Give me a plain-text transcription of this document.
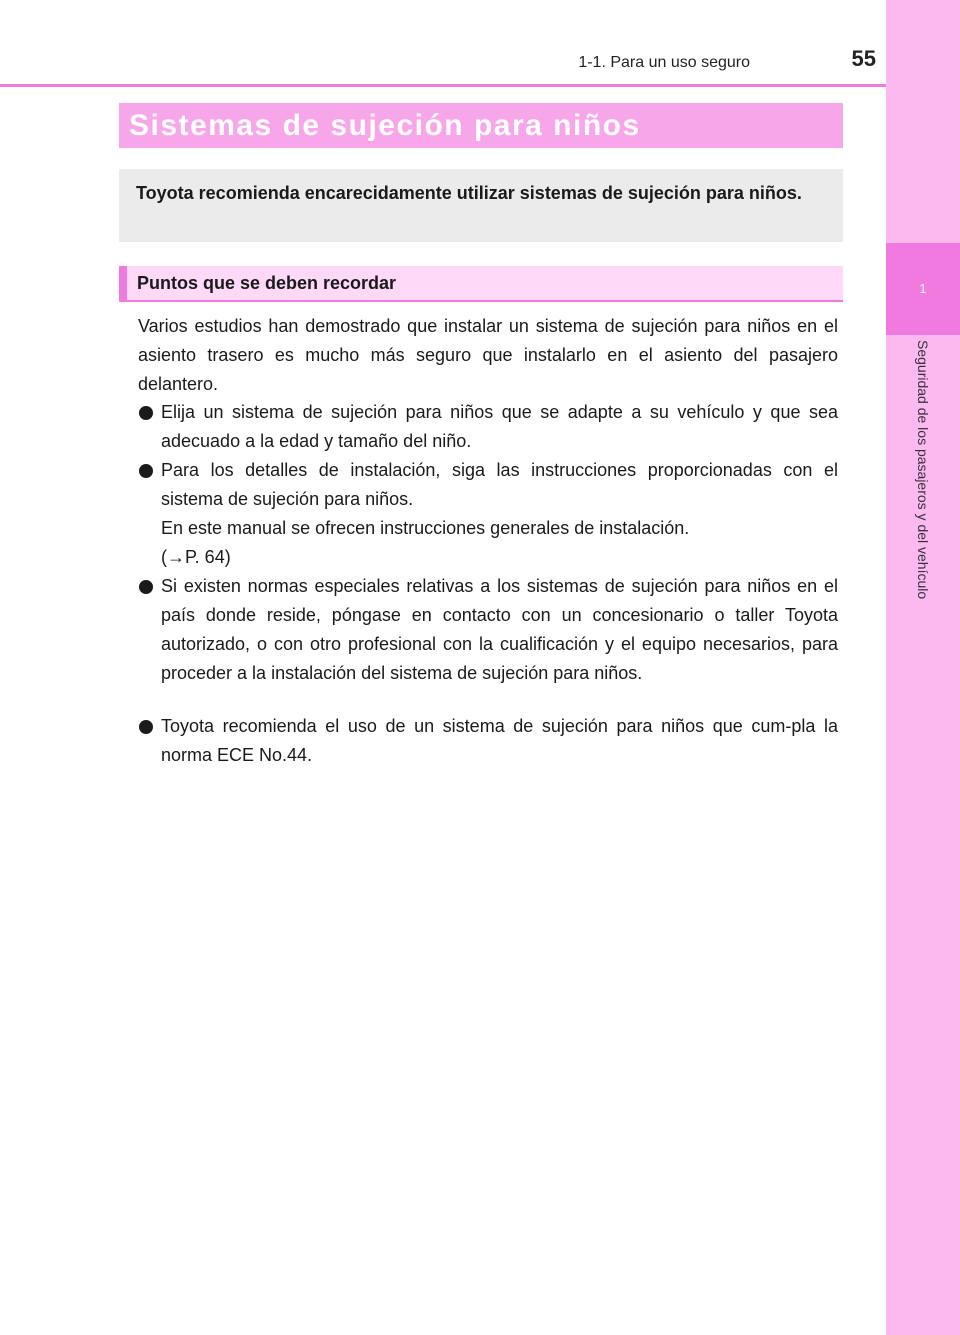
1
Seguridad de los pasajeros y del vehículo
1-1. Para un uso seguro	55
Sistemas de sujeción para niños
Toyota recomienda encarecidamente utilizar sistemas de sujeción para niños.
Puntos que se deben recordar
Varios estudios han demostrado que instalar un sistema de sujeción para niños en el asiento trasero es mucho más seguro que instalarlo en el asiento del pasajero delantero.
Elija un sistema de sujeción para niños que se adapte a su vehículo y que sea adecuado a la edad y tamaño del niño.
Para los detalles de instalación, siga las instrucciones proporcionadas con el sistema de sujeción para niños.
En este manual se ofrecen instrucciones generales de instalación.
(→P. 64)
Si existen normas especiales relativas a los sistemas de sujeción para niños en el país donde reside, póngase en contacto con un concesionario o taller Toyota autorizado, o con otro profesional con la cualificación y el equipo necesarios, para proceder a la instalación del sistema de sujeción para niños.
Toyota recomienda el uso de un sistema de sujeción para niños que cum-pla la norma ECE No.44.
